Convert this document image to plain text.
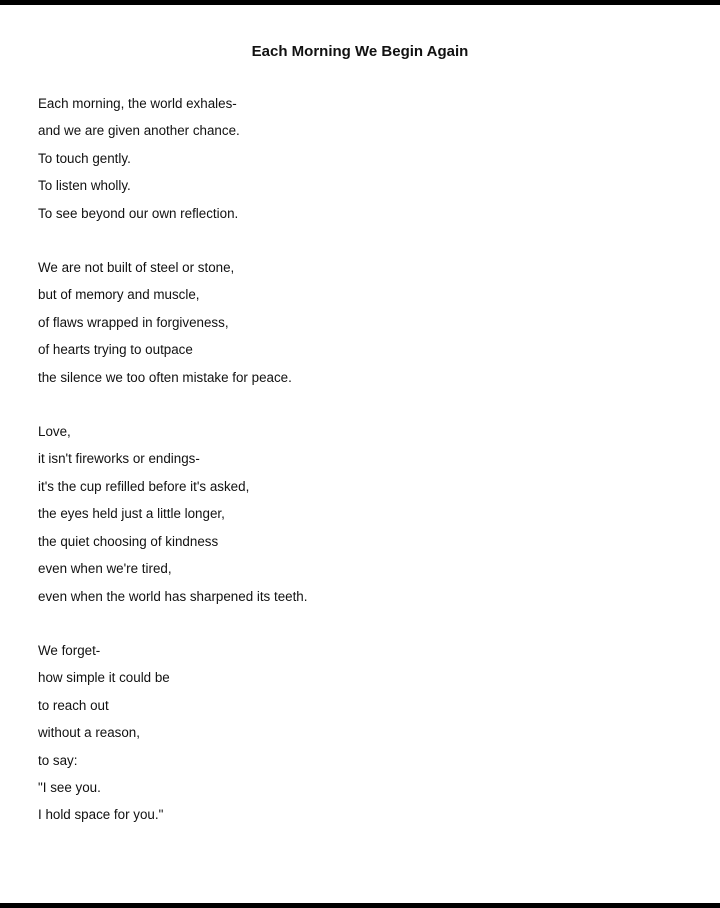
Each Morning We Begin Again
Each morning, the world exhales-
and we are given another chance.
To touch gently.
To listen wholly.
To see beyond our own reflection.
We are not built of steel or stone,
but of memory and muscle,
of flaws wrapped in forgiveness,
of hearts trying to outpace
the silence we too often mistake for peace.
Love,
it isn't fireworks or endings-
it's the cup refilled before it's asked,
the eyes held just a little longer,
the quiet choosing of kindness
even when we're tired,
even when the world has sharpened its teeth.
We forget-
how simple it could be
to reach out
without a reason,
to say:
"I see you.
I hold space for you."
